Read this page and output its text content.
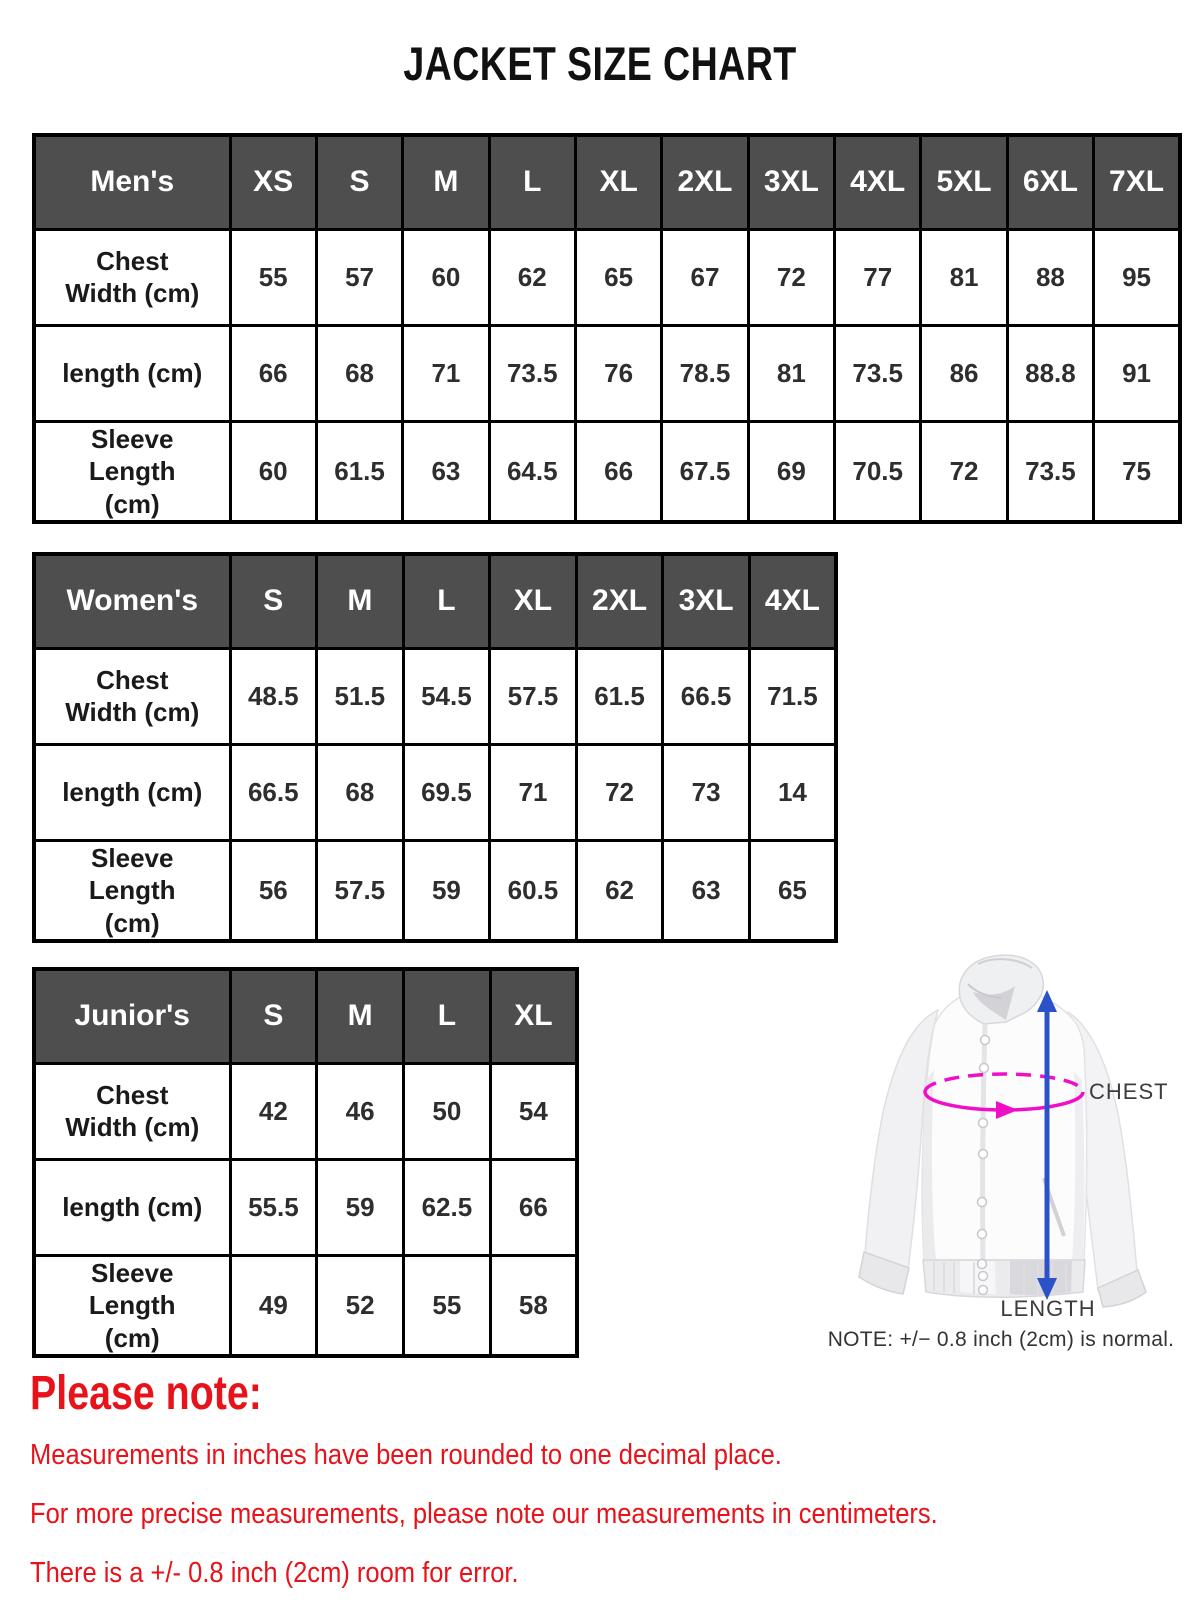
JACKET SIZE CHART
Men's	XS	S	M	L	XL	2XL	3XL	4XL	5XL	6XL	7XL
Chest Width (cm)	55	57	60	62	65	67	72	77	81	88	95
length (cm)	66	68	71	73.5	76	78.5	81	73.5	86	88.8	91
Sleeve Length (cm)	60	61.5	63	64.5	66	67.5	69	70.5	72	73.5	75
Women's	S	M	L	XL	2XL	3XL	4XL
Chest Width (cm)	48.5	51.5	54.5	57.5	61.5	66.5	71.5
length (cm)	66.5	68	69.5	71	72	73	14
Sleeve Length (cm)	56	57.5	59	60.5	62	63	65
Junior's	S	M	L	XL
Chest Width (cm)	42	46	50	54
length (cm)	55.5	59	62.5	66
Sleeve Length (cm)	49	52	55	58
CHEST
LENGTH
NOTE: +/− 0.8 inch (2cm) is normal.
Please note:

Measurements in inches have been rounded to one decimal place.

For more precise measurements, please note our measurements in centimeters.

There is a +/- 0.8 inch (2cm) room for error.
